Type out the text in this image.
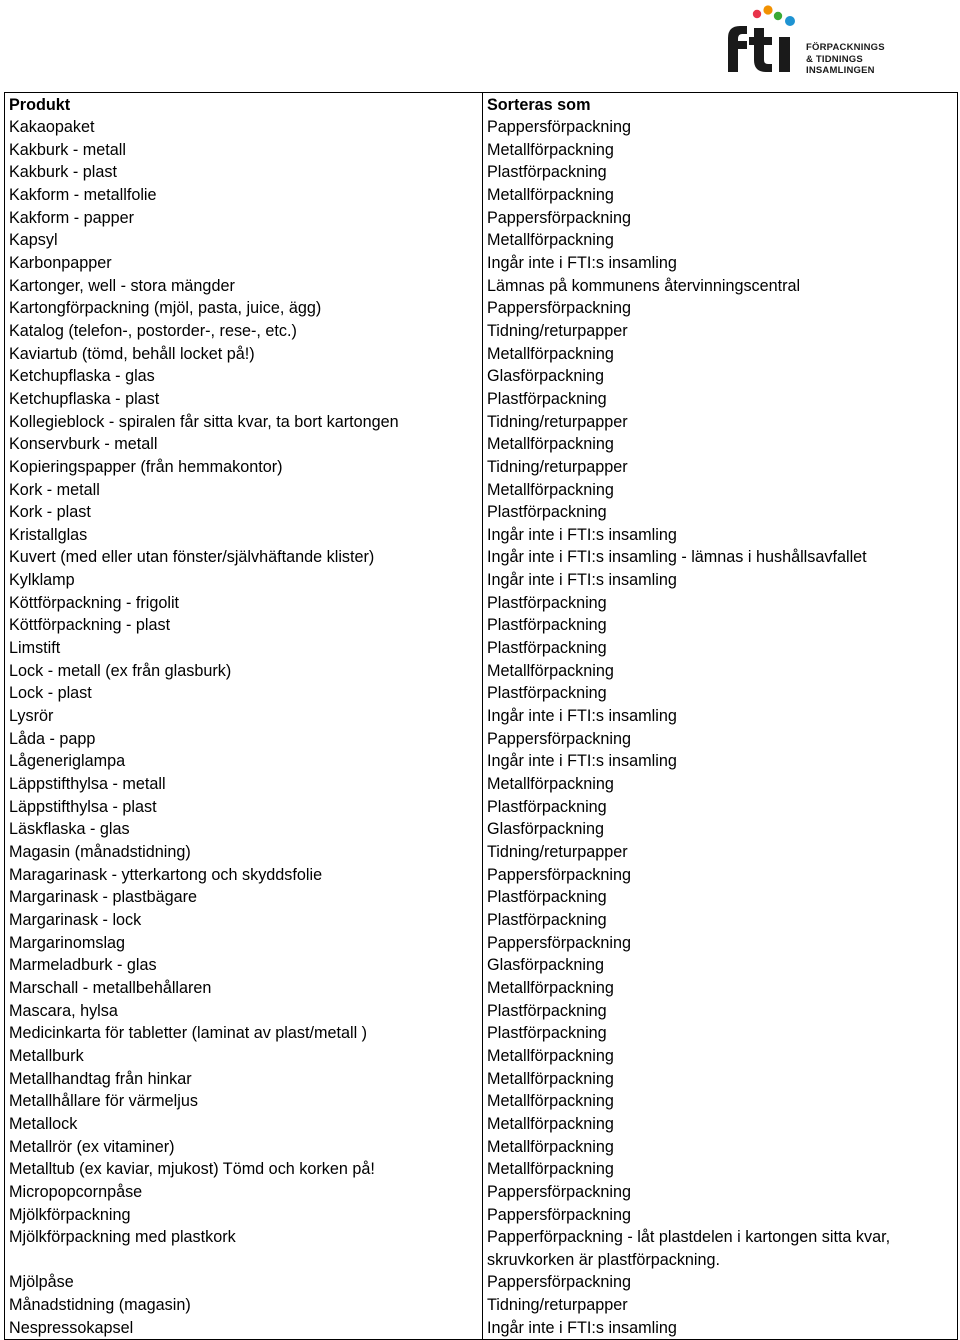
FÖRPACKNINGS
& TIDNINGS
INSAMLINGEN
Produkt	Sorteras som
Kakaopaket	Pappersförpackning
Kakburk - metall	Metallförpackning
Kakburk - plast	Plastförpackning
Kakform - metallfolie	Metallförpackning
Kakform - papper	Pappersförpackning
Kapsyl	Metallförpackning
Karbonpapper	Ingår inte i FTI:s insamling
Kartonger, well - stora mängder	Lämnas på kommunens återvinningscentral
Kartongförpackning (mjöl, pasta, juice, ägg)	Pappersförpackning
Katalog (telefon-, postorder-, rese-, etc.)	Tidning/returpapper
Kaviartub (tömd, behåll locket på!)	Metallförpackning
Ketchupflaska - glas	Glasförpackning
Ketchupflaska - plast	Plastförpackning
Kollegieblock - spiralen får sitta kvar, ta bort kartongen	Tidning/returpapper
Konservburk - metall	Metallförpackning
Kopieringspapper (från hemmakontor)	Tidning/returpapper
Kork - metall	Metallförpackning
Kork - plast	Plastförpackning
Kristallglas	Ingår inte i FTI:s insamling
Kuvert (med eller utan fönster/självhäftande klister)	Ingår inte i FTI:s insamling - lämnas i hushållsavfallet
Kylklamp	Ingår inte i FTI:s insamling
Köttförpackning - frigolit	Plastförpackning
Köttförpackning - plast	Plastförpackning
Limstift	Plastförpackning
Lock - metall (ex från glasburk)	Metallförpackning
Lock - plast	Plastförpackning
Lysrör	Ingår inte i FTI:s insamling
Låda - papp	Pappersförpackning
Lågeneriglampa	Ingår inte i FTI:s insamling
Läppstifthylsa - metall	Metallförpackning
Läppstifthylsa - plast	Plastförpackning
Läskflaska - glas	Glasförpackning
Magasin (månadstidning)	Tidning/returpapper
Maragarinask - ytterkartong och skyddsfolie	Pappersförpackning
Margarinask - plastbägare	Plastförpackning
Margarinask - lock	Plastförpackning
Margarinomslag	Pappersförpackning
Marmeladburk - glas	Glasförpackning
Marschall - metallbehållaren	Metallförpackning
Mascara, hylsa	Plastförpackning
Medicinkarta för tabletter (laminat av plast/metall )	Plastförpackning
Metallburk	Metallförpackning
Metallhandtag från hinkar	Metallförpackning
Metallhållare för värmeljus	Metallförpackning
Metallock	Metallförpackning
Metallrör (ex vitaminer)	Metallförpackning
Metalltub (ex kaviar, mjukost) Tömd och korken på!	Metallförpackning
Micropopcornpåse	Pappersförpackning
Mjölkförpackning	Pappersförpackning
Mjölkförpackning med plastkork	Papperförpackning - låt plastdelen i kartongen sitta kvar, skruvkorken är plastförpackning.
Mjölpåse	Pappersförpackning
Månadstidning (magasin)	Tidning/returpapper
Nespressokapsel	Ingår inte i FTI:s insamling
